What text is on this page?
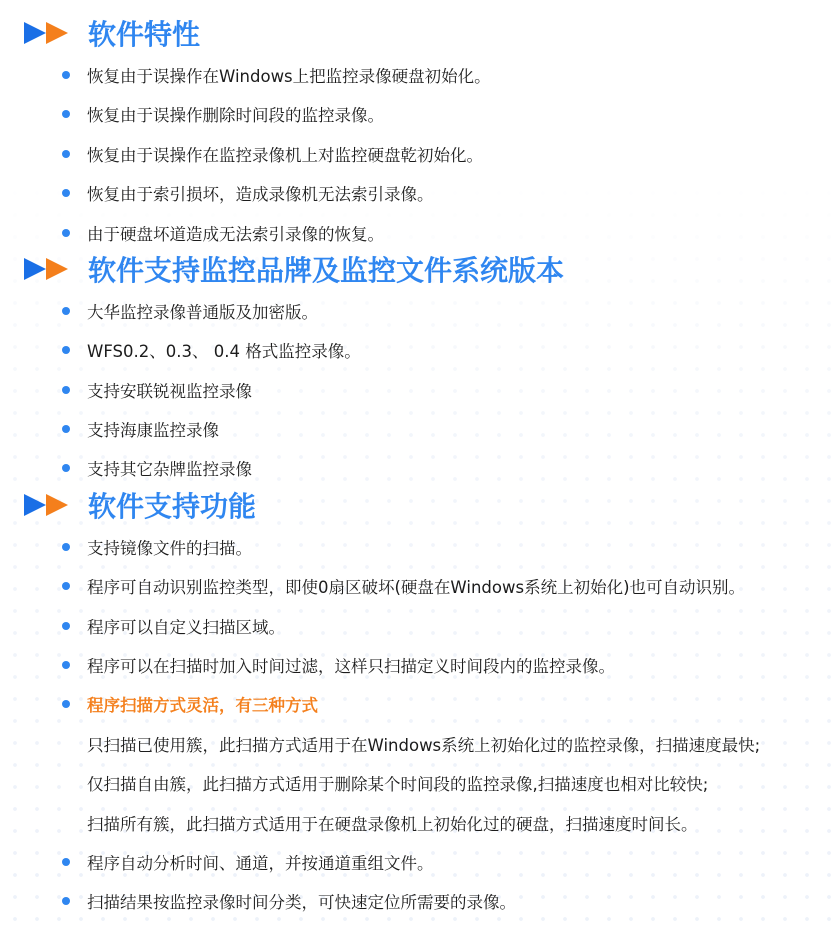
软件特性
恢复由于误操作在Windows上把监控录像硬盘初始化。
恢复由于误操作删除时间段的监控录像。
恢复由于误操作在监控录像机上对监控硬盘乾初始化。
恢复由于索引损坏，造成录像机无法索引录像。
由于硬盘坏道造成无法索引录像的恢复。
软件支持监控品牌及监控文件系统版本
大华监控录像普通版及加密版。
WFS0.2、0.3、 0.4 格式监控录像。
支持安联锐视监控录像
支持海康监控录像
支持其它杂牌监控录像
软件支持功能
支持镜像文件的扫描。
程序可自动识别监控类型，即使0扇区破坏(硬盘在Windows系统上初始化)也可自动识别。
程序可以自定义扫描区域。
程序可以在扫描时加入时间过滤，这样只扫描定义时间段内的监控录像。
程序扫描方式灵活，有三种方式
只扫描已使用簇，此扫描方式适用于在Windows系统上初始化过的监控录像，扫描速度最快;
仅扫描自由簇，此扫描方式适用于删除某个时间段的监控录像,扫描速度也相对比较快;
扫描所有簇，此扫描方式适用于在硬盘录像机上初始化过的硬盘，扫描速度时间长。
程序自动分析时间、通道，并按通道重组文件。
扫描结果按监控录像时间分类，可快速定位所需要的录像。
